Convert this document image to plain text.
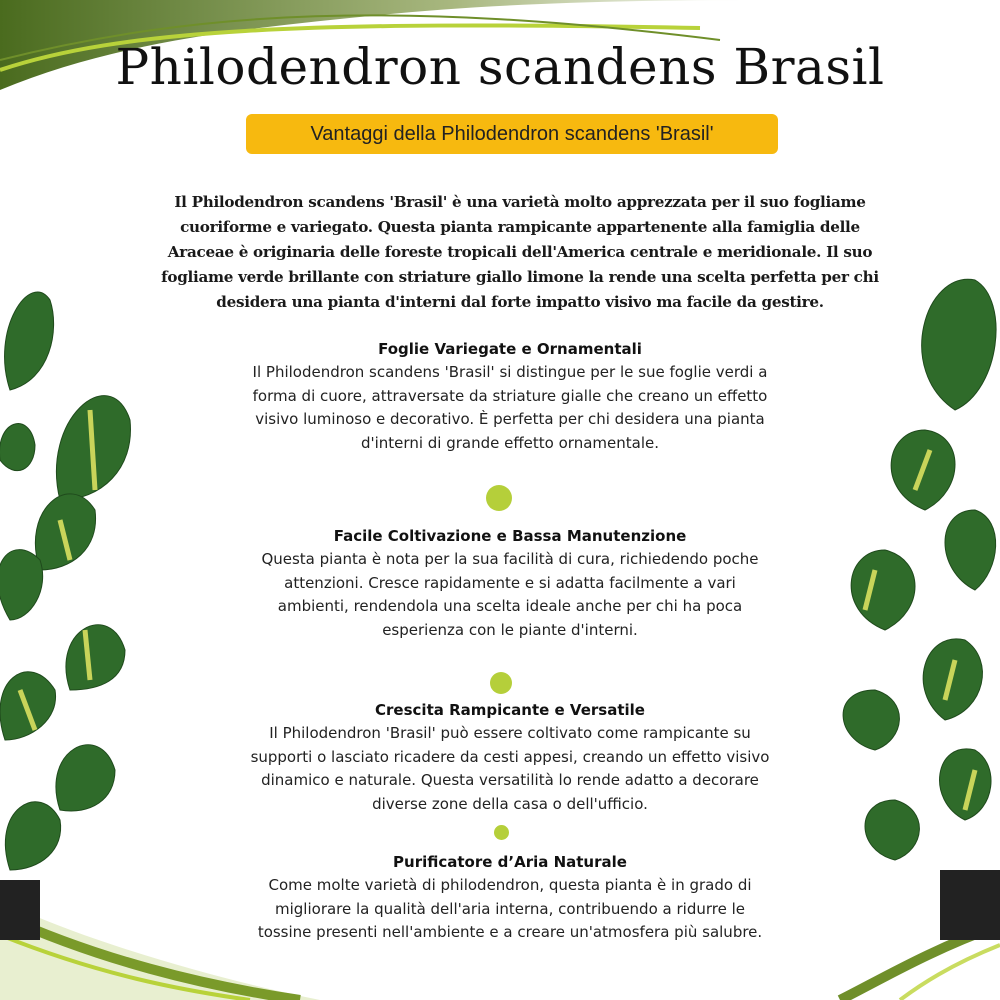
Philodendron scandens Brasil
Vantaggi della Philodendron scandens 'Brasil'
Il Philodendron scandens 'Brasil' è una varietà molto apprezzata per il suo fogliame cuoriforme e variegato. Questa pianta rampicante appartenente alla famiglia delle Araceae è originaria delle foreste tropicali dell'America centrale e meridionale. Il suo fogliame verde brillante con striature giallo limone la rende una scelta perfetta per chi desidera una pianta d'interni dal forte impatto visivo ma facile da gestire.
Foglie Variegate e Ornamentali

Il Philodendron scandens 'Brasil' si distingue per le sue foglie verdi a forma di cuore, attraversate da striature gialle che creano un effetto visivo luminoso e decorativo. È perfetta per chi desidera una pianta d'interni di grande effetto ornamentale.

Facile Coltivazione e Bassa Manutenzione

Questa pianta è nota per la sua facilità di cura, richiedendo poche attenzioni. Cresce rapidamente e si adatta facilmente a vari ambienti, rendendola una scelta ideale anche per chi ha poca esperienza con le piante d'interni.

Crescita Rampicante e Versatile

Il Philodendron 'Brasil' può essere coltivato come rampicante su supporti o lasciato ricadere da cesti appesi, creando un effetto visivo dinamico e naturale. Questa versatilità lo rende adatto a decorare diverse zone della casa o dell'ufficio.

Purificatore d’Aria Naturale

Come molte varietà di philodendron, questa pianta è in grado di migliorare la qualità dell'aria interna, contribuendo a ridurre le tossine presenti nell'ambiente e a creare un'atmosfera più salubre.
